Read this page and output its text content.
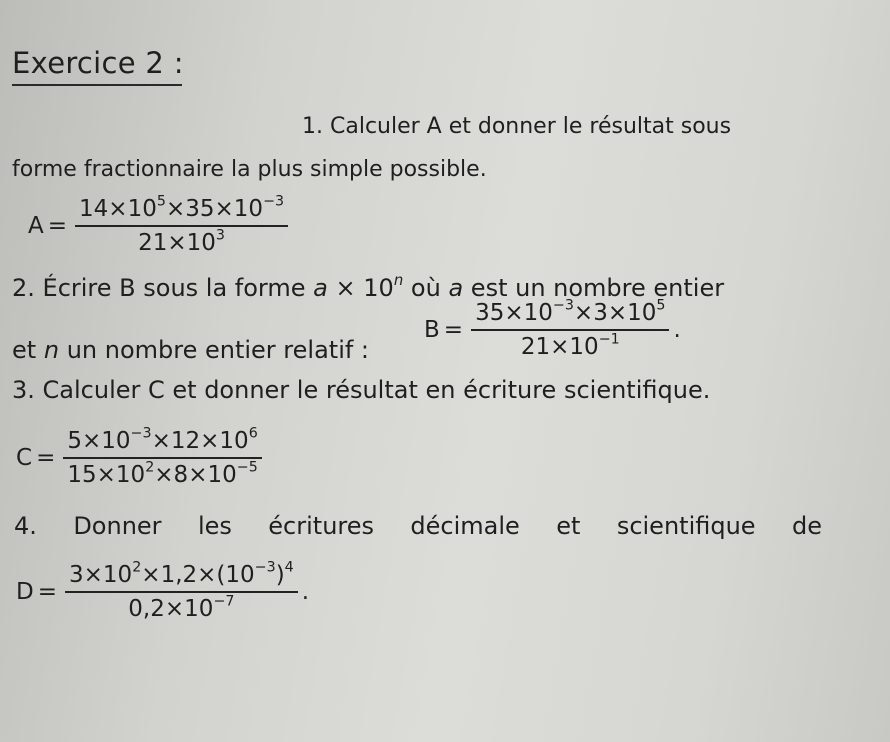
Exercice 2 :
1. Calculer A et donner le résultat sous
forme fractionnaire la plus simple possible.
$A = \frac{14\times 10^5\times 35\times 10^{-3}}{21\times 10^3}$
2. Écrire B sous la forme $a \times 10^n$ où a est un nombre entier
et n un nombre entier relatif :
$B = \frac{35\times 10^{-3}\times 3\times 10^5}{21\times 10^{-1}}$ .
3. Calculer C et donner le résultat en écriture scientifique.
$C = \frac{5\times 10^{-3}\times 12\times 10^6}{15\times 10^2\times 8\times 10^{-5}}$
4. Donner les écritures décimale et scientifique de
$D = \frac{3\times 10^2\times 1,2\times(10^{-3})^4}{0,2\times 10^{-7}}$ .
